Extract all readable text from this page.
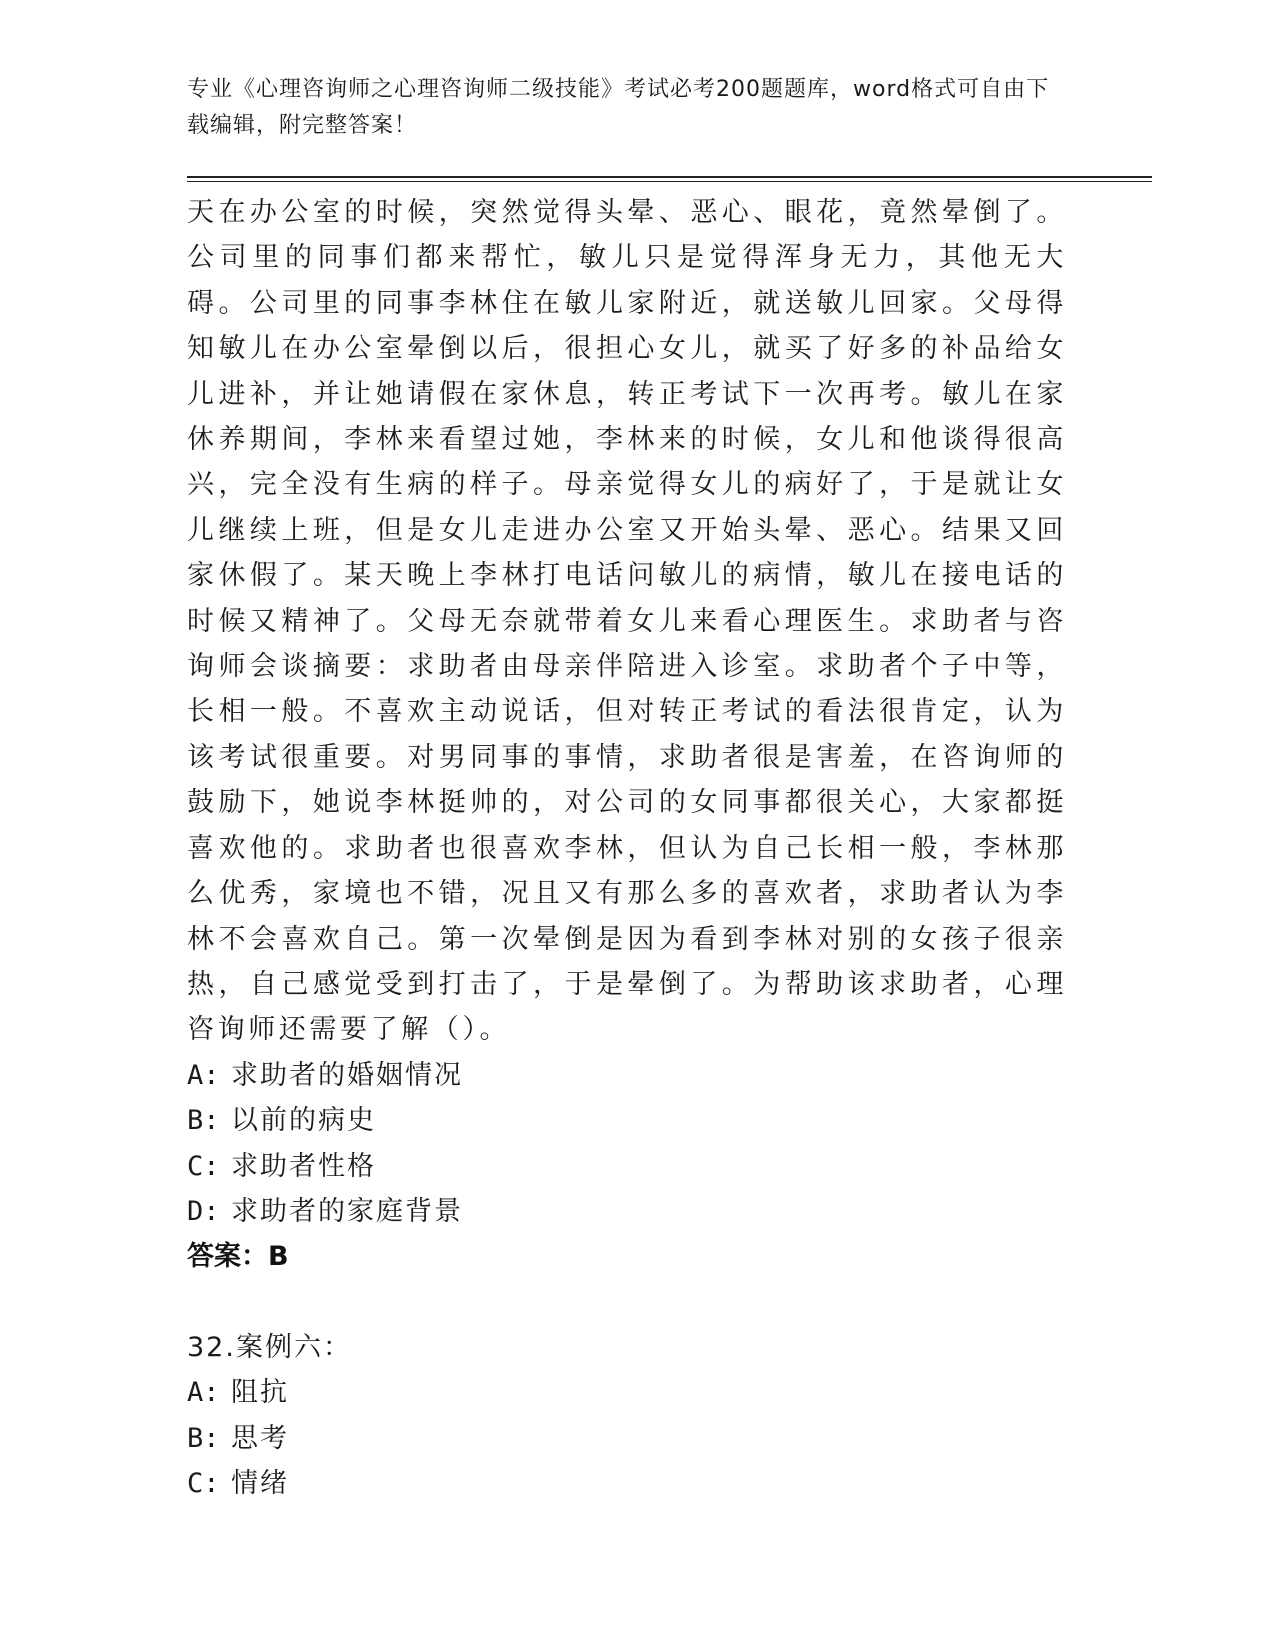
专业《心理咨询师之心理咨询师二级技能》考试必考200题题库，word格式可自由下载编辑，附完整答案！

天在办公室的时候，突然觉得头晕、恶心、眼花，竟然晕倒了。公司里的同事们都来帮忙，敏儿只是觉得浑身无力，其他无大碍。公司里的同事李林住在敏儿家附近，就送敏儿回家。父母得知敏儿在办公室晕倒以后，很担心女儿，就买了好多的补品给女儿进补，并让她请假在家休息，转正考试下一次再考。敏儿在家休养期间，李林来看望过她，李林来的时候，女儿和他谈得很高兴，完全没有生病的样子。母亲觉得女儿的病好了，于是就让女儿继续上班，但是女儿走进办公室又开始头晕、恶心。结果又回家休假了。某天晚上李林打电话问敏儿的病情，敏儿在接电话的时候又精神了。父母无奈就带着女儿来看心理医生。求助者与咨询师会谈摘要：求助者由母亲伴陪进入诊室。求助者个子中等，长相一般。不喜欢主动说话，但对转正考试的看法很肯定，认为该考试很重要。对男同事的事情，求助者很是害羞，在咨询师的鼓励下，她说李林挺帅的，对公司的女同事都很关心，大家都挺喜欢他的。求助者也很喜欢李林，但认为自己长相一般，李林那么优秀，家境也不错，况且又有那么多的喜欢者，求助者认为李林不会喜欢自己。第一次晕倒是因为看到李林对别的女孩子很亲热，自己感觉受到打击了，于是晕倒了。为帮助该求助者，心理咨询师还需要了解（）。

A: 求助者的婚姻情况

B: 以前的病史

C: 求助者性格

D: 求助者的家庭背景

答案：B

32.案例六：

A: 阻抗

B: 思考

C: 情绪
